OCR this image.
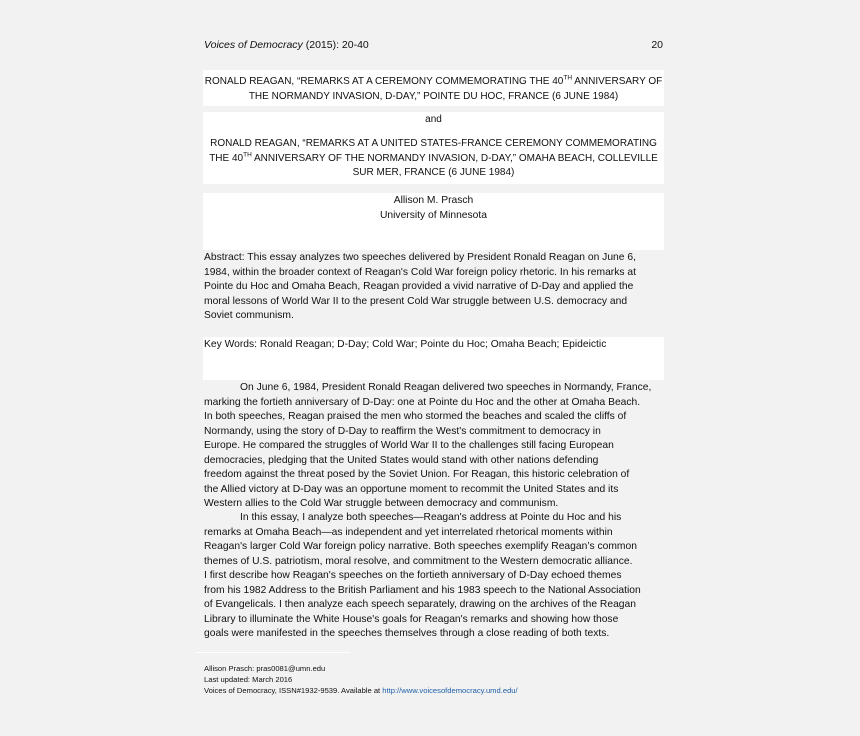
Voices of Democracy (2015): 20-40	20
RONALD REAGAN, “REMARKS AT A CEREMONY COMMEMORATING THE 40TH ANNIVERSARY OF
THE NORMANDY INVASION, D-DAY,” POINTE DU HOC, FRANCE (6 JUNE 1984)
and
RONALD REAGAN, “REMARKS AT A UNITED STATES-FRANCE CEREMONY COMMEMORATING
THE 40TH ANNIVERSARY OF THE NORMANDY INVASION, D-DAY,” OMAHA BEACH, COLLEVILLE
SUR MER, FRANCE (6 JUNE 1984)
Allison M. Prasch
University of Minnesota
Abstract: This essay analyzes two speeches delivered by President Ronald Reagan on June 6,
1984, within the broader context of Reagan's Cold War foreign policy rhetoric. In his remarks at
Pointe du Hoc and Omaha Beach, Reagan provided a vivid narrative of D-Day and applied the
moral lessons of World War II to the present Cold War struggle between U.S. democracy and
Soviet communism.
Key Words: Ronald Reagan; D-Day; Cold War; Pointe du Hoc; Omaha Beach; Epideictic
On June 6, 1984, President Ronald Reagan delivered two speeches in Normandy, France,
marking the fortieth anniversary of D-Day: one at Pointe du Hoc and the other at Omaha Beach.
In both speeches, Reagan praised the men who stormed the beaches and scaled the cliffs of
Normandy, using the story of D-Day to reaffirm the West's commitment to democracy in
Europe. He compared the struggles of World War II to the challenges still facing European
democracies, pledging that the United States would stand with other nations defending
freedom against the threat posed by the Soviet Union. For Reagan, this historic celebration of
the Allied victory at D-Day was an opportune moment to recommit the United States and its
Western allies to the Cold War struggle between democracy and communism.
In this essay, I analyze both speeches—Reagan's address at Pointe du Hoc and his
remarks at Omaha Beach—as independent and yet interrelated rhetorical moments within
Reagan's larger Cold War foreign policy narrative. Both speeches exemplify Reagan’s common
themes of U.S. patriotism, moral resolve, and commitment to the Western democratic alliance.
I first describe how Reagan's speeches on the fortieth anniversary of D-Day echoed themes
from his 1982 Address to the British Parliament and his 1983 speech to the National Association
of Evangelicals. I then analyze each speech separately, drawing on the archives of the Reagan
Library to illuminate the White House's goals for Reagan's remarks and showing how those
goals were manifested in the speeches themselves through a close reading of both texts.
Allison Prasch: pras0081@umn.edu
Last updated: March 2016
Voices of Democracy, ISSN#1932-9539. Available at http://www.voicesofdemocracy.umd.edu/
